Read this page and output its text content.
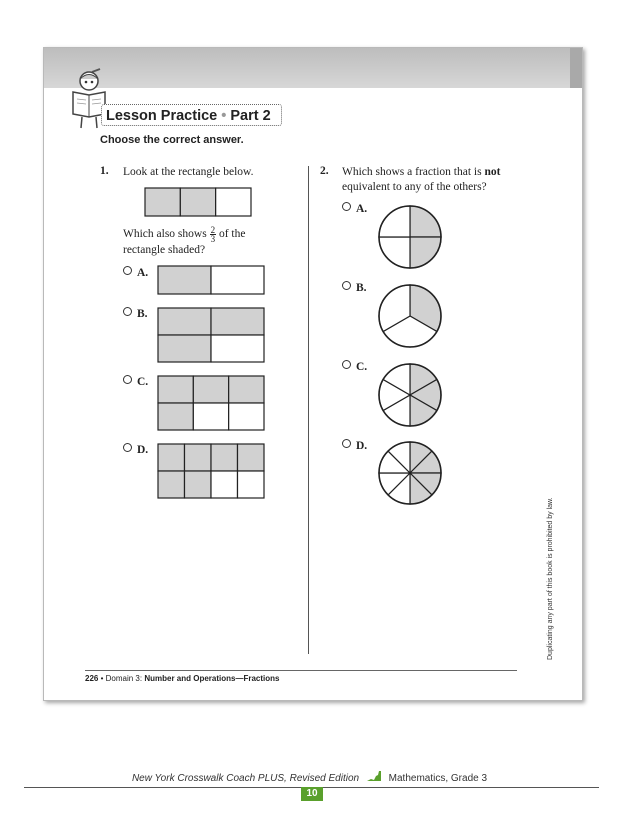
Lesson Practice • Part 2
Choose the correct answer.
1. Look at the rectangle below.
Which also shows $\frac{2}{3}$ of the
rectangle shaded?
A.
B.
C.
D.
2. Which shows a fraction that is not
equivalent to any of the others?
A.
B.
C.
D.
Duplicating any part of this book is prohibited by law.
226 • Domain 3: Number and Operations—Fractions
New York Crosswalk Coach PLUS, Revised Edition	Mathematics, Grade 3
10
